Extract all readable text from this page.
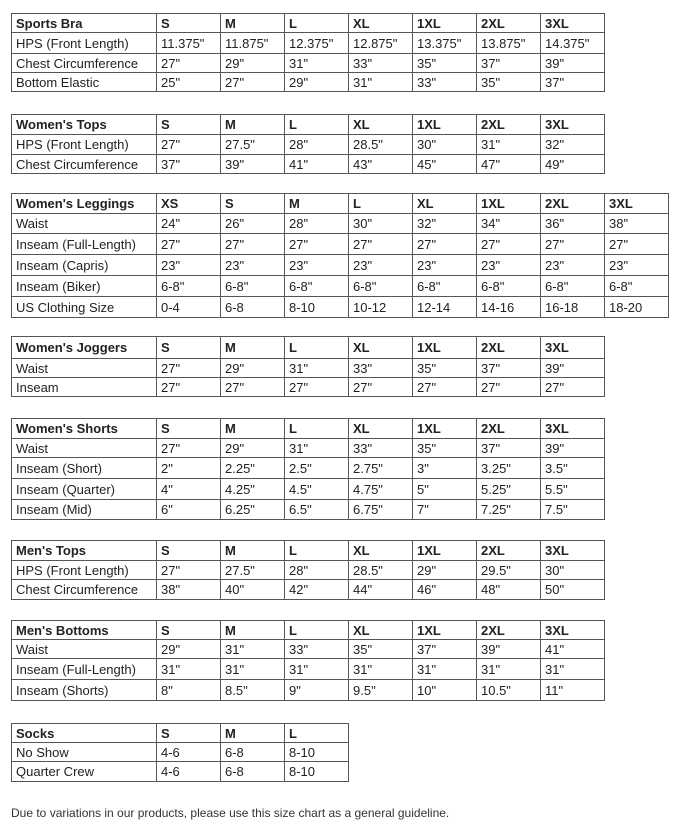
Sports Bra	S	M	L	XL	1XL	2XL	3XL
HPS (Front Length)	11.375"	11.875"	12.375"	12.875"	13.375"	13.875"	14.375"
Chest Circumference	27"	29"	31"	33"	35"	37"	39"
Bottom Elastic	25"	27"	29"	31"	33"	35"	37"
Women's Tops	S	M	L	XL	1XL	2XL	3XL
HPS (Front Length)	27"	27.5"	28"	28.5"	30"	31"	32"
Chest Circumference	37"	39"	41"	43"	45"	47"	49"
Women's Leggings	XS	S	M	L	XL	1XL	2XL	3XL
Waist	24"	26"	28"	30"	32"	34"	36"	38"
Inseam (Full-Length)	27"	27"	27"	27"	27"	27"	27"	27"
Inseam (Capris)	23"	23"	23"	23"	23"	23"	23"	23"
Inseam (Biker)	6-8"	6-8"	6-8"	6-8"	6-8"	6-8"	6-8"	6-8"
US Clothing Size	0-4	6-8	8-10	10-12	12-14	14-16	16-18	18-20
Women's Joggers	S	M	L	XL	1XL	2XL	3XL
Waist	27"	29"	31"	33"	35"	37"	39"
Inseam	27"	27"	27"	27"	27"	27"	27"
Women's Shorts	S	M	L	XL	1XL	2XL	3XL
Waist	27"	29"	31"	33"	35"	37"	39"
Inseam (Short)	2"	2.25"	2.5"	2.75"	3"	3.25"	3.5"
Inseam (Quarter)	4"	4.25"	4.5"	4.75"	5"	5.25"	5.5"
Inseam (Mid)	6"	6.25"	6.5"	6.75"	7"	7.25"	7.5"
Men's Tops	S	M	L	XL	1XL	2XL	3XL
HPS (Front Length)	27"	27.5"	28"	28.5"	29"	29.5"	30"
Chest Circumference	38"	40"	42"	44"	46"	48"	50"
Men's Bottoms	S	M	L	XL	1XL	2XL	3XL
Waist	29"	31"	33"	35"	37"	39"	41"
Inseam (Full-Length)	31"	31"	31"	31"	31"	31"	31"
Inseam (Shorts)	8"	8.5"	9"	9.5"	10"	10.5"	11"
Socks	S	M	L
No Show	4-6	6-8	8-10
Quarter Crew	4-6	6-8	8-10
Due to variations in our products, please use this size chart as a general guideline.
